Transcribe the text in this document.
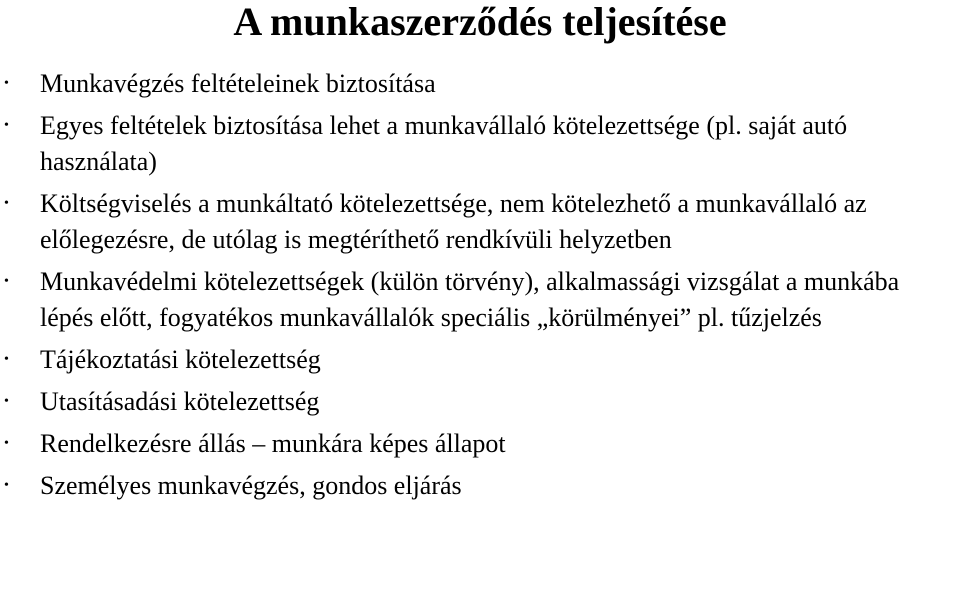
A munkaszerződés teljesítése
• Munkavégzés feltételeinek biztosítása
• Egyes feltételek biztosítása lehet a munkavállaló kötelezettsége (pl. saját autó használata)
• Költségviselés a munkáltató kötelezettsége, nem kötelezhető a munkavállaló az előlegezésre, de utólag is megtéríthető rendkívüli helyzetben
• Munkavédelmi kötelezettségek (külön törvény), alkalmassági vizsgálat a munkába lépés előtt, fogyatékos munkavállalók speciális „körülményei” pl. tűzjelzés
• Tájékoztatási kötelezettség
• Utasításadási kötelezettség
• Rendelkezésre állás – munkára képes állapot
• Személyes munkavégzés, gondos eljárás
